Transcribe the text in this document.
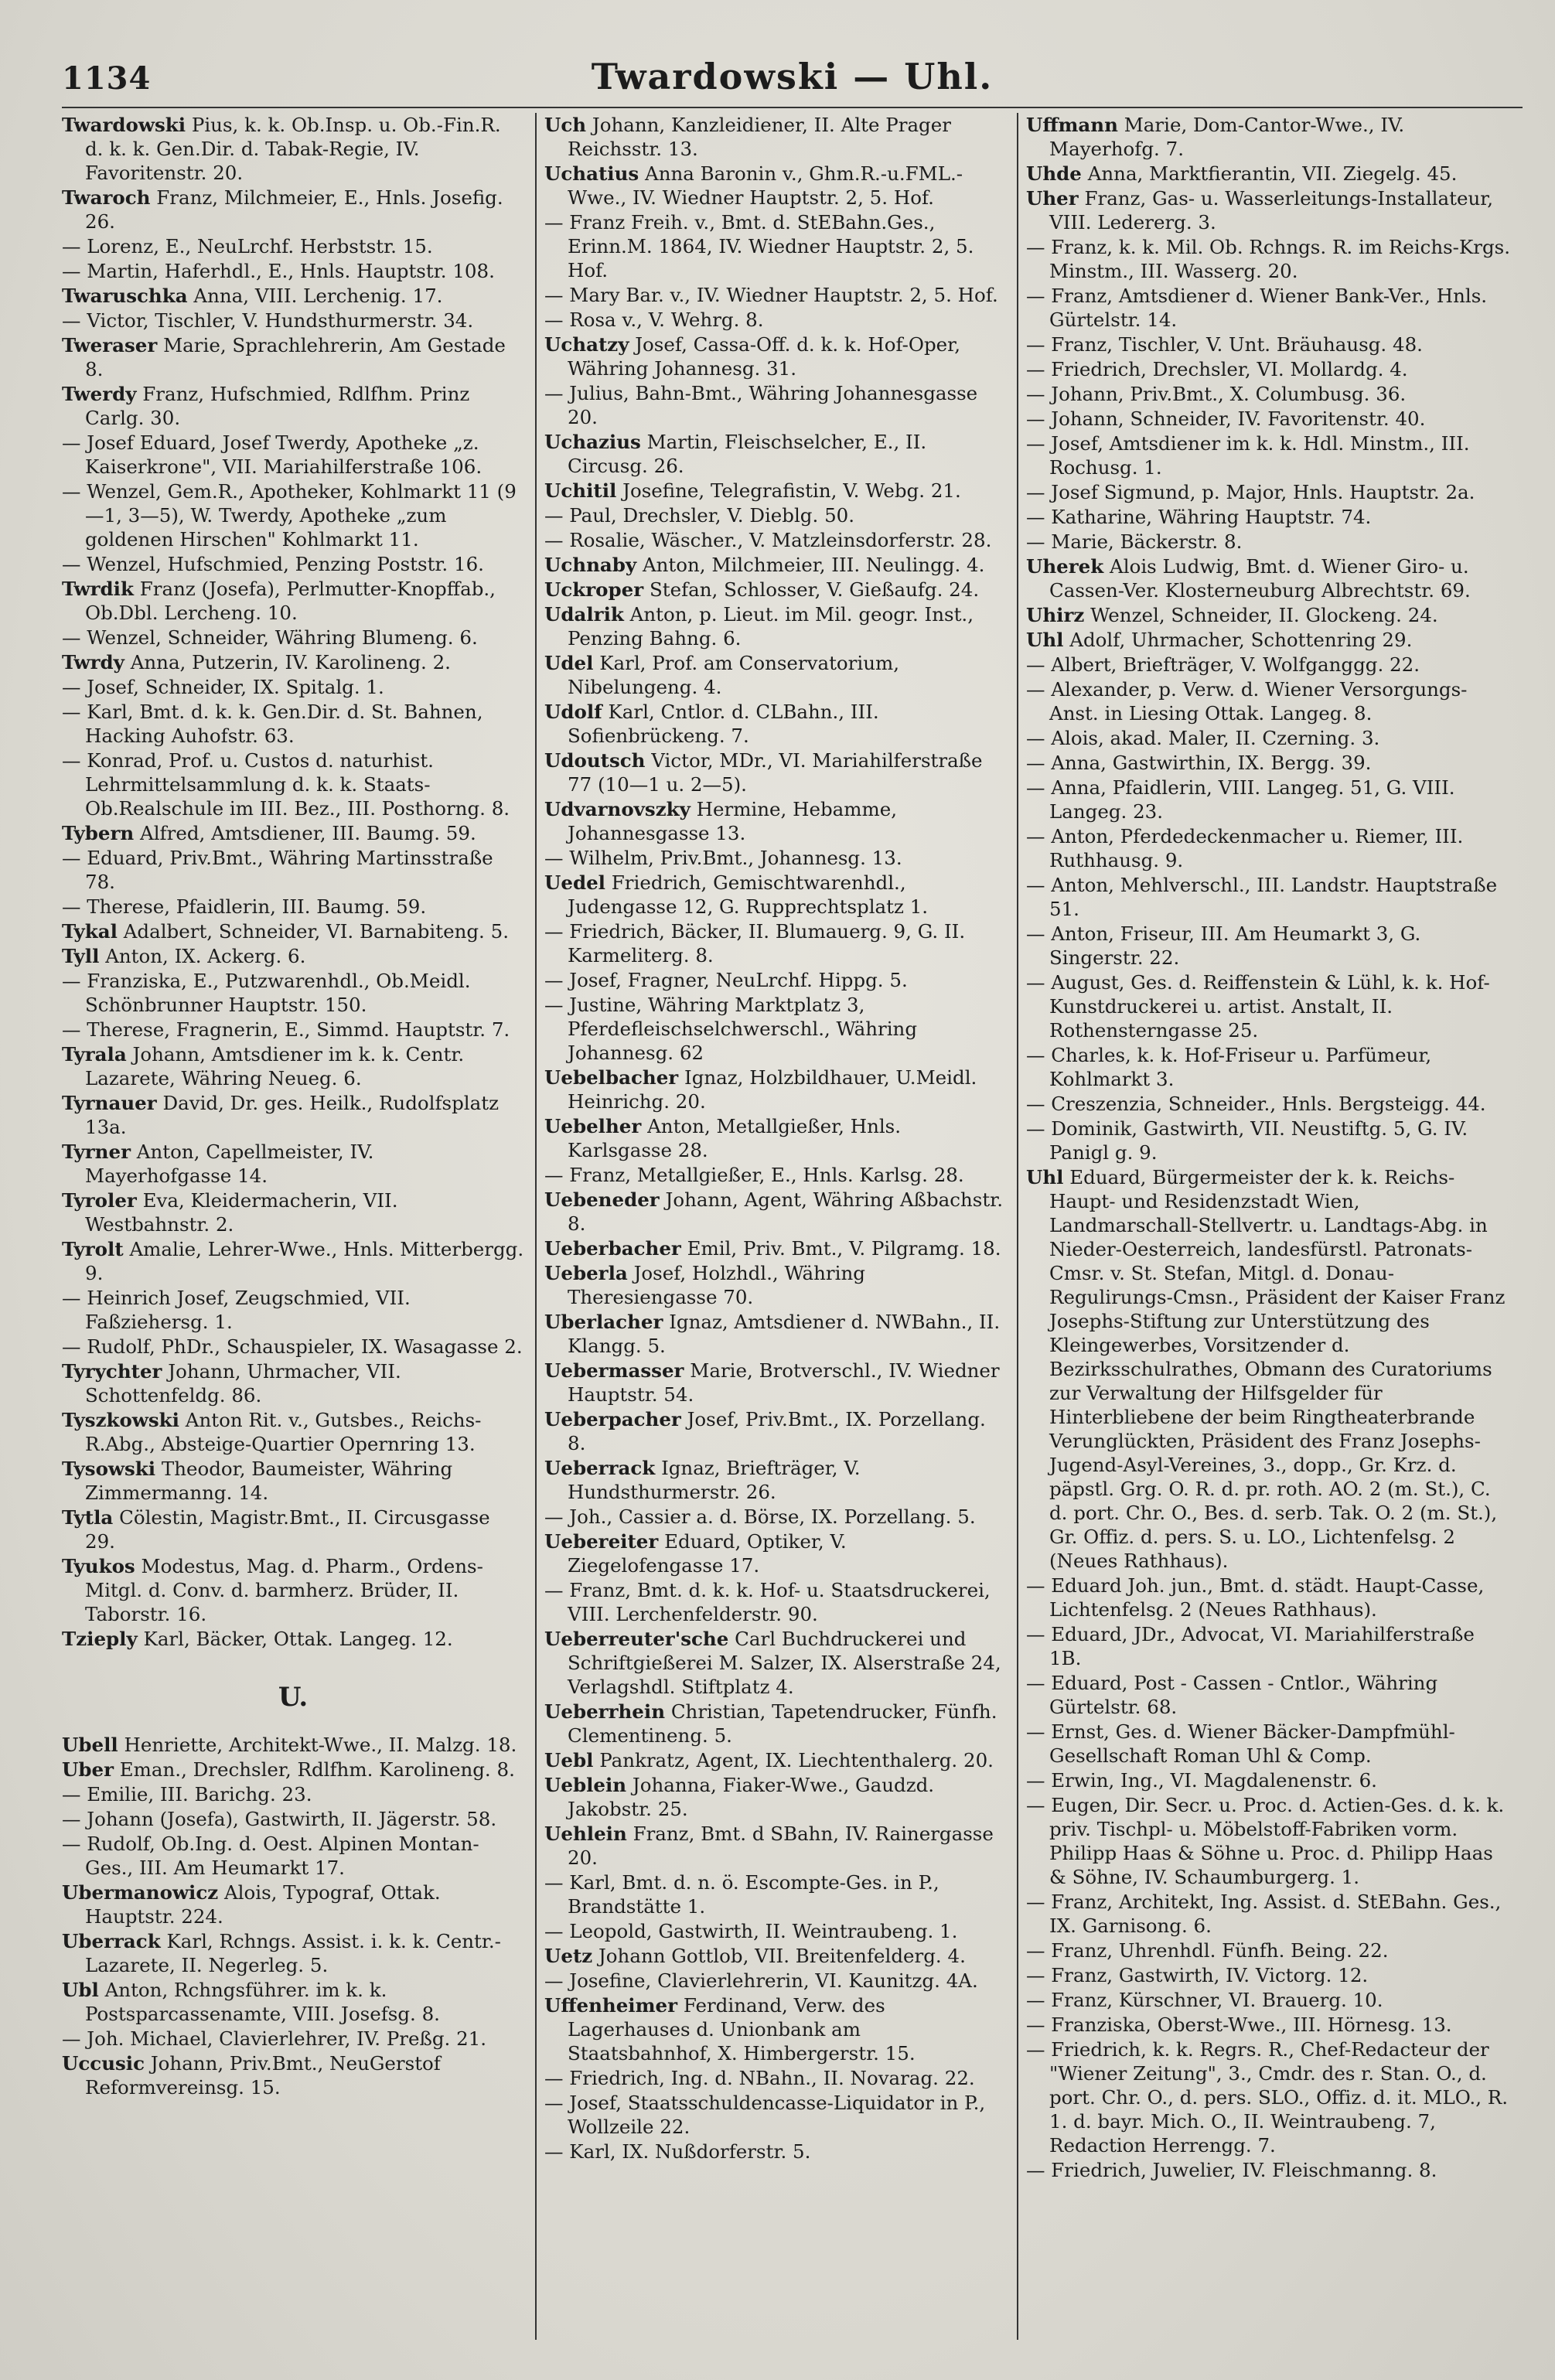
1134	Twardowski — Uhl.
Twardowski Pius, k. k. Ob.Insp. u. Ob.-Fin.R. d. k. k. Gen.Dir. d. Tabak-Regie, IV. Favoritenstr. 20.
Twaroch Franz, Milchmeier, E., Hnls. Josefig. 26.
— Lorenz, E., NeuLrchf. Herbststr. 15.
— Martin, Haferhdl., E., Hnls. Hauptstr. 108.
Twaruschka Anna, VIII. Lerchenig. 17.
— Victor, Tischler, V. Hundsthurmerstr. 34.
Tweraser Marie, Sprachlehrerin, Am Gestade 8.
Twerdy Franz, Hufschmied, Rdlfhm. Prinz Carlg. 30.
— Josef Eduard, Josef Twerdy, Apotheke „z. Kaiserkrone", VII. Mariahilferstraße 106.
— Wenzel, Gem.R., Apotheker, Kohlmarkt 11 (9—1, 3—5), W. Twerdy, Apotheke „zum goldenen Hirschen" Kohlmarkt 11.
— Wenzel, Hufschmied, Penzing Poststr. 16.
Twrdik Franz (Josefa), Perlmutter-Knopffab., Ob.Dbl. Lercheng. 10.
— Wenzel, Schneider, Währing Blumeng. 6.
Twrdy Anna, Putzerin, IV. Karolineng. 2.
— Josef, Schneider, IX. Spitalg. 1.
— Karl, Bmt. d. k. k. Gen.Dir. d. St. Bahnen, Hacking Auhofstr. 63.
— Konrad, Prof. u. Custos d. naturhist. Lehrmittelsammlung d. k. k. Staats-Ob.Realschule im III. Bez., III. Posthorng. 8.
Tybern Alfred, Amtsdiener, III. Baumg. 59.
— Eduard, Priv.Bmt., Währing Martinsstraße 78.
— Therese, Pfaidlerin, III. Baumg. 59.
Tykal Adalbert, Schneider, VI. Barnabiteng. 5.
Tyll Anton, IX. Ackerg. 6.
— Franziska, E., Putzwarenhdl., Ob.Meidl. Schönbrunner Hauptstr. 150.
— Therese, Fragnerin, E., Simmd. Hauptstr. 7.
Tyrala Johann, Amtsdiener im k. k. Centr. Lazarete, Währing Neueg. 6.
Tyrnauer David, Dr. ges. Heilk., Rudolfsplatz 13a.
Tyrner Anton, Capellmeister, IV. Mayerhofgasse 14.
Tyroler Eva, Kleidermacherin, VII. Westbahnstr. 2.
Tyrolt Amalie, Lehrer-Wwe., Hnls. Mitterbergg. 9.
— Heinrich Josef, Zeugschmied, VII. Faßziehersg. 1.
— Rudolf, PhDr., Schauspieler, IX. Wasagasse 2.
Tyrychter Johann, Uhrmacher, VII. Schottenfeldg. 86.
Tyszkowski Anton Rit. v., Gutsbes., Reichs-R.Abg., Absteige-Quartier Opernring 13.
Tysowski Theodor, Baumeister, Währing Zimmermanng. 14.
Tytla Cölestin, Magistr.Bmt., II. Circusgasse 29.
Tyukos Modestus, Mag. d. Pharm., Ordens-Mitgl. d. Conv. d. barmherz. Brüder, II. Taborstr. 16.
Tzieply Karl, Bäcker, Ottak. Langeg. 12.
U.
Ubell Henriette, Architekt-Wwe., II. Malzg. 18.
Uber Eman., Drechsler, Rdlfhm. Karolineng. 8.
— Emilie, III. Barichg. 23.
— Johann (Josefa), Gastwirth, II. Jägerstr. 58.
— Rudolf, Ob.Ing. d. Oest. Alpinen Montan-Ges., III. Am Heumarkt 17.
Ubermanowicz Alois, Typograf, Ottak. Hauptstr. 224.
Uberrack Karl, Rchngs. Assist. i. k. k. Centr.-Lazarete, II. Negerleg. 5.
Ubl Anton, Rchngsführer. im k. k. Postsparcassenamte, VIII. Josefsg. 8.
— Joh. Michael, Clavierlehrer, IV. Preßg. 21.
Uccusic Johann, Priv.Bmt., NeuGerstof Reformvereinsg. 15.
Uch Johann, Kanzleidiener, II. Alte Prager Reichsstr. 13.
Uchatius Anna Baronin v., Ghm.R.-u.FML.-Wwe., IV. Wiedner Hauptstr. 2, 5. Hof.
— Franz Freih. v., Bmt. d. StEBahn.Ges., Erinn.M. 1864, IV. Wiedner Hauptstr. 2, 5. Hof.
— Mary Bar. v., IV. Wiedner Hauptstr. 2, 5. Hof.
— Rosa v., V. Wehrg. 8.
Uchatzy Josef, Cassa-Off. d. k. k. Hof-Oper, Währing Johannesg. 31.
— Julius, Bahn-Bmt., Währing Johannesgasse 20.
Uchazius Martin, Fleischselcher, E., II. Circusg. 26.
Uchitil Josefine, Telegrafistin, V. Webg. 21.
— Paul, Drechsler, V. Dieblg. 50.
— Rosalie, Wäscher., V. Matzleinsdorferstr. 28.
Uchnaby Anton, Milchmeier, III. Neulingg. 4.
Uckroper Stefan, Schlosser, V. Gießaufg. 24.
Udalrik Anton, p. Lieut. im Mil. geogr. Inst., Penzing Bahng. 6.
Udel Karl, Prof. am Conservatorium, Nibelungeng. 4.
Udolf Karl, Cntlor. d. CLBahn., III. Sofienbrückeng. 7.
Udoutsch Victor, MDr., VI. Mariahilferstraße 77 (10—1 u. 2—5).
Udvarnovszky Hermine, Hebamme, Johannesgasse 13.
— Wilhelm, Priv.Bmt., Johannesg. 13.
Uedel Friedrich, Gemischtwarenhdl., Judengasse 12, G. Rupprechtsplatz 1.
— Friedrich, Bäcker, II. Blumauerg. 9, G. II. Karmeliterg. 8.
— Josef, Fragner, NeuLrchf. Hippg. 5.
— Justine, Währing Marktplatz 3, Pferdefleischselchwerschl., Währing Johannesg. 62
Uebelbacher Ignaz, Holzbildhauer, U.Meidl. Heinrichg. 20.
Uebelher Anton, Metallgießer, Hnls. Karlsgasse 28.
— Franz, Metallgießer, E., Hnls. Karlsg. 28.
Uebeneder Johann, Agent, Währing Aßbachstr. 8.
Ueberbacher Emil, Priv. Bmt., V. Pilgramg. 18.
Ueberla Josef, Holzhdl., Währing Theresiengasse 70.
Uberlacher Ignaz, Amtsdiener d. NWBahn., II. Klangg. 5.
Uebermasser Marie, Brotverschl., IV. Wiedner Hauptstr. 54.
Ueberpacher Josef, Priv.Bmt., IX. Porzellang. 8.
Ueberrack Ignaz, Briefträger, V. Hundsthurmerstr. 26.
— Joh., Cassier a. d. Börse, IX. Porzellang. 5.
Uebereiter Eduard, Optiker, V. Ziegelofengasse 17.
— Franz, Bmt. d. k. k. Hof- u. Staatsdruckerei, VIII. Lerchenfelderstr. 90.
Ueberreuter'sche Carl Buchdruckerei und Schriftgießerei M. Salzer, IX. Alserstraße 24, Verlagshdl. Stiftplatz 4.
Ueberrhein Christian, Tapetendrucker, Fünfh. Clementineng. 5.
Uebl Pankratz, Agent, IX. Liechtenthalerg. 20.
Ueblein Johanna, Fiaker-Wwe., Gaudzd. Jakobstr. 25.
Uehlein Franz, Bmt. d SBahn, IV. Rainergasse 20.
— Karl, Bmt. d. n. ö. Escompte-Ges. in P., Brandstätte 1.
— Leopold, Gastwirth, II. Weintraubeng. 1.
Uetz Johann Gottlob, VII. Breitenfelderg. 4.
— Josefine, Clavierlehrerin, VI. Kaunitzg. 4A.
Uffenheimer Ferdinand, Verw. des Lagerhauses d. Unionbank am Staatsbahnhof, X. Himbergerstr. 15.
— Friedrich, Ing. d. NBahn., II. Novarag. 22.
— Josef, Staatsschuldencasse-Liquidator in P., Wollzeile 22.
— Karl, IX. Nußdorferstr. 5.
Uffmann Marie, Dom-Cantor-Wwe., IV. Mayerhofg. 7.
Uhde Anna, Marktfierantin, VII. Ziegelg. 45.
Uher Franz, Gas- u. Wasserleitungs-Installateur, VIII. Ledererg. 3.
— Franz, k. k. Mil. Ob. Rchngs. R. im Reichs-Krgs. Minstm., III. Wasserg. 20.
— Franz, Amtsdiener d. Wiener Bank-Ver., Hnls. Gürtelstr. 14.
— Franz, Tischler, V. Unt. Bräuhausg. 48.
— Friedrich, Drechsler, VI. Mollardg. 4.
— Johann, Priv.Bmt., X. Columbusg. 36.
— Johann, Schneider, IV. Favoritenstr. 40.
— Josef, Amtsdiener im k. k. Hdl. Minstm., III. Rochusg. 1.
— Josef Sigmund, p. Major, Hnls. Hauptstr. 2a.
— Katharine, Währing Hauptstr. 74.
— Marie, Bäckerstr. 8.
Uherek Alois Ludwig, Bmt. d. Wiener Giro- u. Cassen-Ver. Klosterneuburg Albrechtstr. 69.
Uhirz Wenzel, Schneider, II. Glockeng. 24.
Uhl Adolf, Uhrmacher, Schottenring 29.
— Albert, Briefträger, V. Wolfganggg. 22.
— Alexander, p. Verw. d. Wiener Versorgungs-Anst. in Liesing Ottak. Langeg. 8.
— Alois, akad. Maler, II. Czerning. 3.
— Anna, Gastwirthin, IX. Bergg. 39.
— Anna, Pfaidlerin, VIII. Langeg. 51, G. VIII. Langeg. 23.
— Anton, Pferdedeckenmacher u. Riemer, III. Ruthhausg. 9.
— Anton, Mehlverschl., III. Landstr. Hauptstraße 51.
— Anton, Friseur, III. Am Heumarkt 3, G. Singerstr. 22.
— August, Ges. d. Reiffenstein & Lühl, k. k. Hof-Kunstdruckerei u. artist. Anstalt, II. Rothensterngasse 25.
— Charles, k. k. Hof-Friseur u. Parfümeur, Kohlmarkt 3.
— Creszenzia, Schneider., Hnls. Bergsteigg. 44.
— Dominik, Gastwirth, VII. Neustiftg. 5, G. IV. Panigl g. 9.
Uhl Eduard, Bürgermeister der k. k. Reichs-Haupt- und Residenzstadt Wien, Landmarschall-Stellvertr. u. Landtags-Abg. in Nieder-Oesterreich, landesfürstl. Patronats-Cmsr. v. St. Stefan, Mitgl. d. Donau-Regulirungs-Cmsn., Präsident der Kaiser Franz Josephs-Stiftung zur Unterstützung des Kleingewerbes, Vorsitzender d. Bezirksschulrathes, Obmann des Curatoriums zur Verwaltung der Hilfsgelder für Hinterbliebene der beim Ringtheaterbrande Verunglückten, Präsident des Franz Josephs-Jugend-Asyl-Vereines, 3., dopp., Gr. Krz. d. päpstl. Grg. O. R. d. pr. roth. AO. 2 (m. St.), C. d. port. Chr. O., Bes. d. serb. Tak. O. 2 (m. St.), Gr. Offiz. d. pers. S. u. LO., Lichtenfelsg. 2 (Neues Rathhaus).
— Eduard Joh. jun., Bmt. d. städt. Haupt-Casse, Lichtenfelsg. 2 (Neues Rathhaus).
— Eduard, JDr., Advocat, VI. Mariahilferstraße 1B.
— Eduard, Post - Cassen - Cntlor., Währing Gürtelstr. 68.
— Ernst, Ges. d. Wiener Bäcker-Dampfmühl-Gesellschaft Roman Uhl & Comp.
— Erwin, Ing., VI. Magdalenenstr. 6.
— Eugen, Dir. Secr. u. Proc. d. Actien-Ges. d. k. k. priv. Tischpl- u. Möbelstoff-Fabriken vorm. Philipp Haas & Söhne u. Proc. d. Philipp Haas & Söhne, IV. Schaumburgerg. 1.
— Franz, Architekt, Ing. Assist. d. StEBahn. Ges., IX. Garnisong. 6.
— Franz, Uhrenhdl. Fünfh. Being. 22.
— Franz, Gastwirth, IV. Victorg. 12.
— Franz, Kürschner, VI. Brauerg. 10.
— Franziska, Oberst-Wwe., III. Hörnesg. 13.
— Friedrich, k. k. Regrs. R., Chef-Redacteur der "Wiener Zeitung", 3., Cmdr. des r. Stan. O., d. port. Chr. O., d. pers. SLO., Offiz. d. it. MLO., R. 1. d. bayr. Mich. O., II. Weintraubeng. 7, Redaction Herrengg. 7.
— Friedrich, Juwelier, IV. Fleischmanng. 8.
